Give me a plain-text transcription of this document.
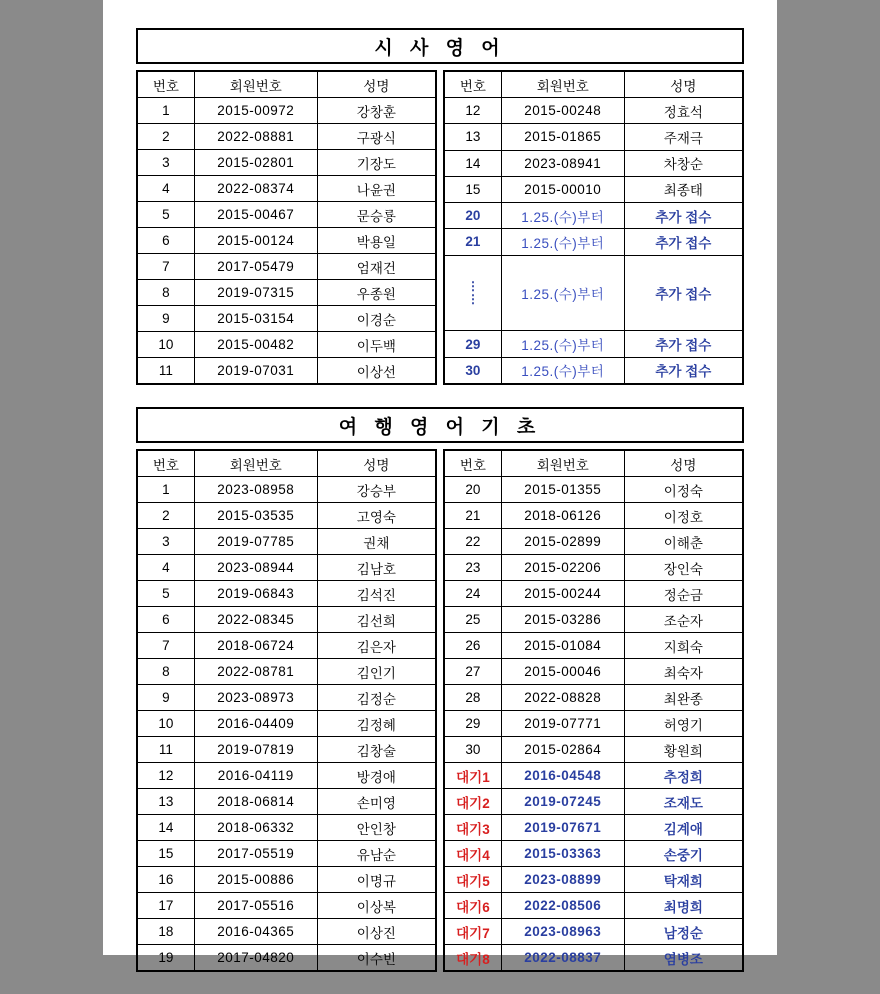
시 사 영 어
번호	회원번호	성명
1	2015-00972	강창훈
2	2022-08881	구광식
3	2015-02801	기장도
4	2022-08374	나윤권
5	2015-00467	문승룡
6	2015-00124	박용일
7	2017-05479	엄재건
8	2019-07315	우종원
9	2015-03154	이경순
10	2015-00482	이두백
11	2019-07031	이상선
번호	회원번호	성명
12	2015-00248	정효석
13	2015-01865	주재극
14	2023-08941	차창순
15	2015-00010	최종태
20	1.25.(수)부터	추가 접수
21	1.25.(수)부터	추가 접수
⋮
⋮	1.25.(수)부터	추가 접수
29	1.25.(수)부터	추가 접수
30	1.25.(수)부터	추가 접수
여 행 영 어 기 초
번호	회원번호	성명
1	2023-08958	강승부
2	2015-03535	고영숙
3	2019-07785	권채
4	2023-08944	김남호
5	2019-06843	김석진
6	2022-08345	김선희
7	2018-06724	김은자
8	2022-08781	김인기
9	2023-08973	김정순
10	2016-04409	김정혜
11	2019-07819	김창술
12	2016-04119	방경애
13	2018-06814	손미영
14	2018-06332	안인창
15	2017-05519	유남순
16	2015-00886	이명규
17	2017-05516	이상복
18	2016-04365	이상진
19	2017-04820	이수빈
번호	회원번호	성명
20	2015-01355	이정숙
21	2018-06126	이정호
22	2015-02899	이해춘
23	2015-02206	장인숙
24	2015-00244	정순금
25	2015-03286	조순자
26	2015-01084	지희숙
27	2015-00046	최숙자
28	2022-08828	최완종
29	2019-07771	허영기
30	2015-02864	황원희
대기1	2016-04548	추정희
대기2	2019-07245	조재도
대기3	2019-07671	김계애
대기4	2015-03363	손중기
대기5	2023-08899	탁재희
대기6	2022-08506	최명희
대기7	2023-08963	남정순
대기8	2022-08837	염병조
